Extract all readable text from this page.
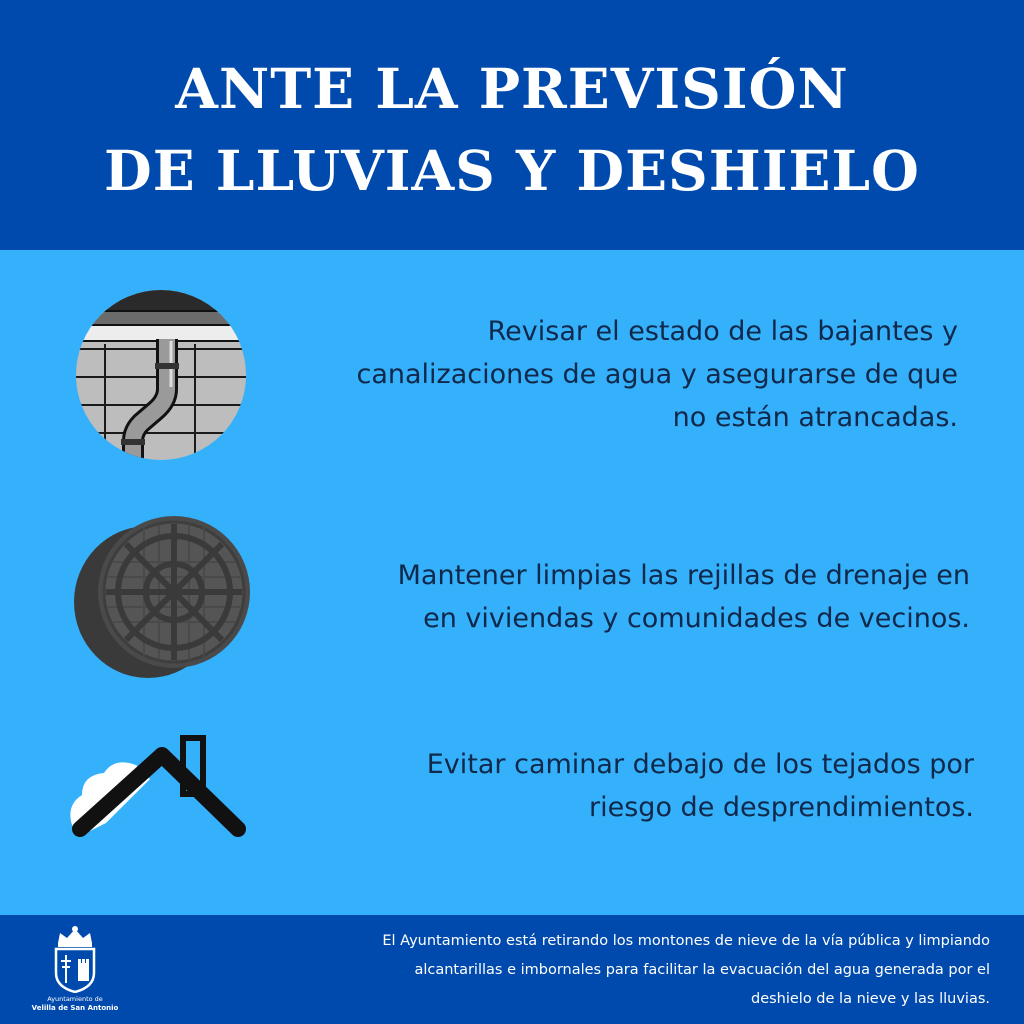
ANTE LA PREVISIÓN
DE LLUVIAS Y DESHIELO
Revisar el estado de las bajantes y
canalizaciones de agua y asegurarse de que
no están atrancadas.
Mantener limpias las rejillas de drenaje en
en viviendas y comunidades de vecinos.
Evitar caminar debajo de los tejados por
riesgo de desprendimientos.
Ayuntamiento de
Velilla de San Antonio
El Ayuntamiento está retirando los montones de nieve de la vía pública y limpiando
alcantarillas e imbornales para facilitar la evacuación del agua generada por el
deshielo de la nieve y las lluvias.
